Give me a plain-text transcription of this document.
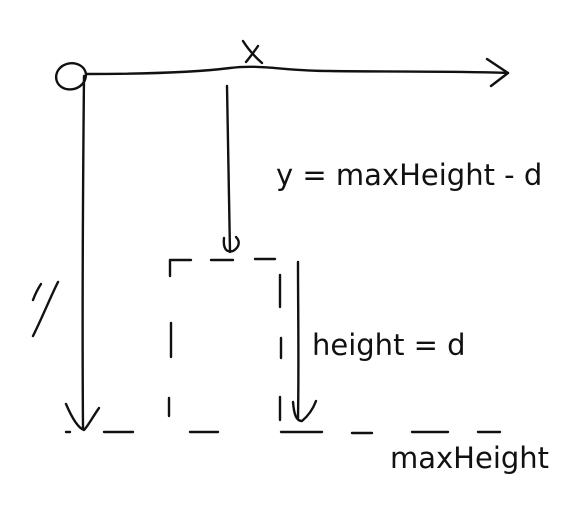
y = maxHeight - d

height = d

maxHeight
